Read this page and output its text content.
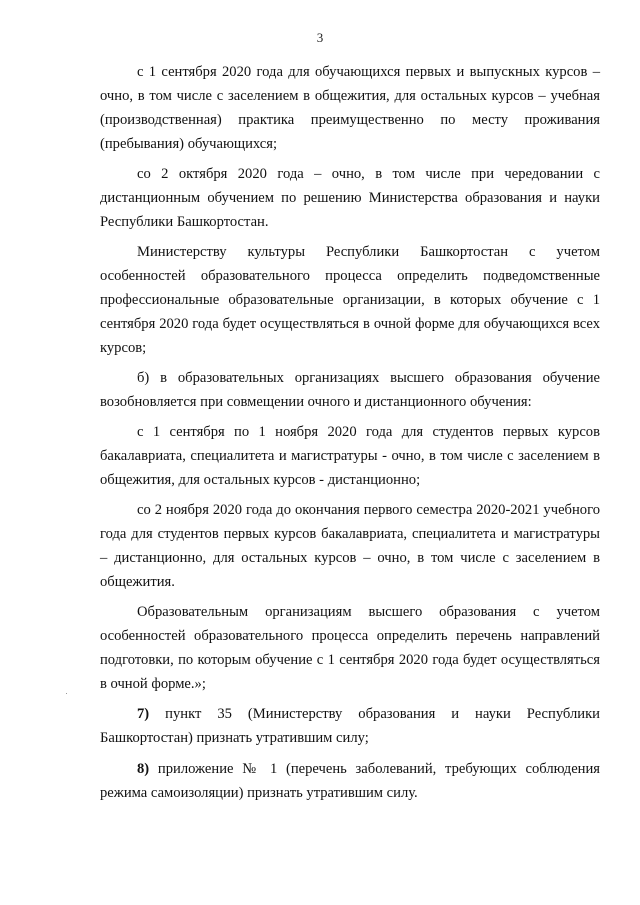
3

с 1 сентября 2020 года для обучающихся первых и выпускных курсов – очно, в том числе с заселением в общежития, для остальных курсов – учебная (производственная) практика преимущественно по месту проживания (пребывания) обучающихся;

со 2 октября 2020 года – очно, в том числе при чередовании с дистанционным обучением по решению Министерства образования и науки Республики Башкортостан.

Министерству культуры Республики Башкортостан с учетом особенностей образовательного процесса определить подведомственные профессиональные образовательные организации, в которых обучение с 1 сентября 2020 года будет осуществляться в очной форме для обучающихся всех курсов;

б) в образовательных организациях высшего образования обучение возобновляется при совмещении очного и дистанционного обучения:

с 1 сентября по 1 ноября 2020 года для студентов первых курсов бакалавриата, специалитета и магистратуры - очно, в том числе с заселением в общежития, для остальных курсов - дистанционно;

со 2 ноября 2020 года до окончания первого семестра 2020-2021 учебного года для студентов первых курсов бакалавриата, специалитета и магистратуры – дистанционно, для остальных курсов – очно, в том числе с заселением в общежития.

Образовательным организациям высшего образования с учетом особенностей образовательного процесса определить перечень направлений подготовки, по которым обучение с 1 сентября 2020 года будет осуществляться в очной форме.»;

7) пункт 35 (Министерству образования и науки Республики Башкортостан) признать утратившим силу;

8) приложение № 1 (перечень заболеваний, требующих соблюдения режима самоизоляции) признать утратившим силу.
